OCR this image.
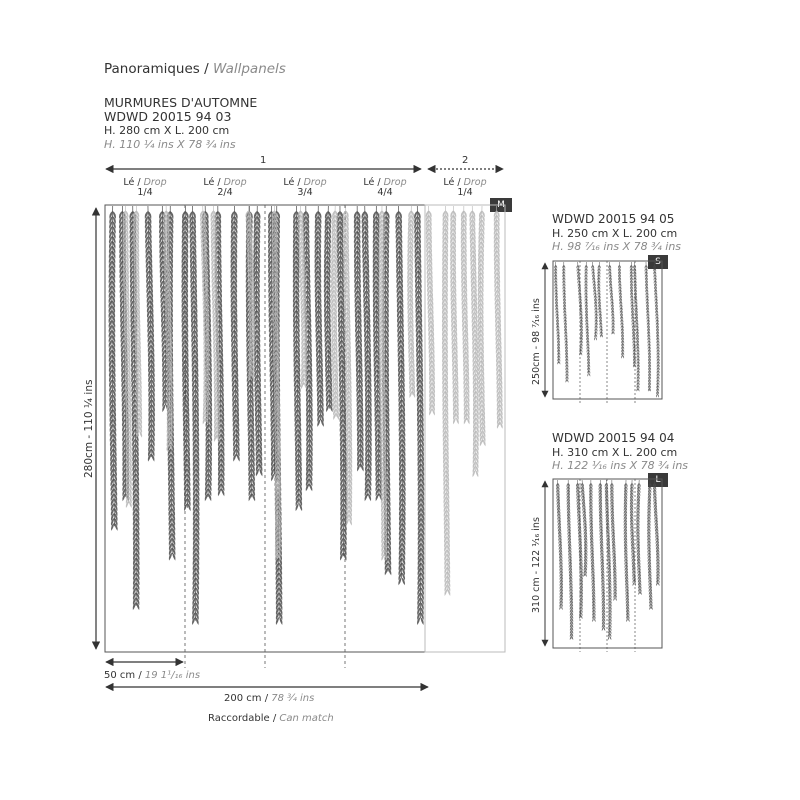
Panoramiques / Wallpanels
MURMURES D'AUTOMNE
WDWD 20015 94 03
H. 280 cm X L. 200 cm
H. 110 ¼ ins X 78 ¾ ins
WDWD 20015 94 05
H. 250 cm X L. 200 cm
H. 98 ⁷⁄₁₆ ins X 78 ¾ ins
WDWD 20015 94 04
H. 310 cm X L. 200 cm
H. 122 ¹⁄₁₆ ins X 78 ¾ ins
1	2
Lé / Drop
1/4
Lé / Drop
2/4
Lé / Drop
3/4
Lé / Drop
4/4
Lé / Drop
1/4
M
S
L
280cm - 110 ¼ ins
250cm - 98 ⁷⁄₁₆ ins
310 cm - 122 ¹⁄₁₆ ins
50 cm / 19 1¹/₁₆ ins
200 cm / 78 ¾ ins
Raccordable / Can match
